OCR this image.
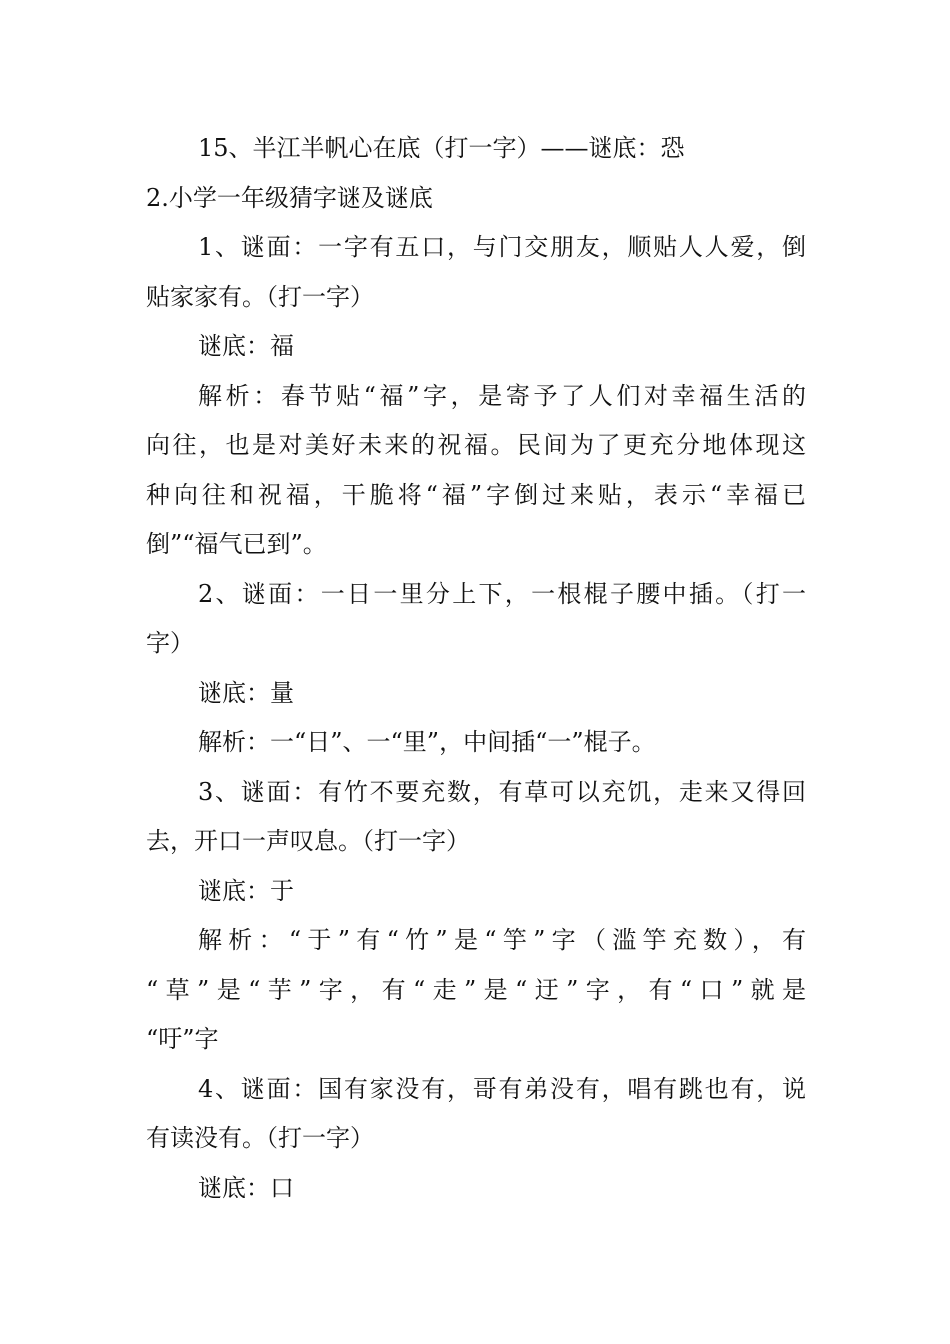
15、半江半帆心在底（打一字）——谜底：恐
2.小学一年级猜字谜及谜底
1、谜面：一字有五口，与门交朋友，顺贴人人爱，倒
贴家家有。（打一字）
谜底：福
解析：春节贴“福”字，是寄予了人们对幸福生活的
向往，也是对美好未来的祝福。民间为了更充分地体现这
种向往和祝福，干脆将“福”字倒过来贴，表示“幸福已
倒”“福气已到”。
2、谜面：一日一里分上下，一根棍子腰中插。（打一
字）
谜底：量
解析：一“日”、一“里”，中间插“一”棍子。
3、谜面：有竹不要充数，有草可以充饥，走来又得回
去，开口一声叹息。（打一字）
谜底：于
解析：“于”有“竹”是“竽”字（滥竽充数），有
“草”是“芋”字，有“走”是“迂”字，有“口”就是
“吁”字
4、谜面：国有家没有，哥有弟没有，唱有跳也有，说
有读没有。（打一字）
谜底：口
